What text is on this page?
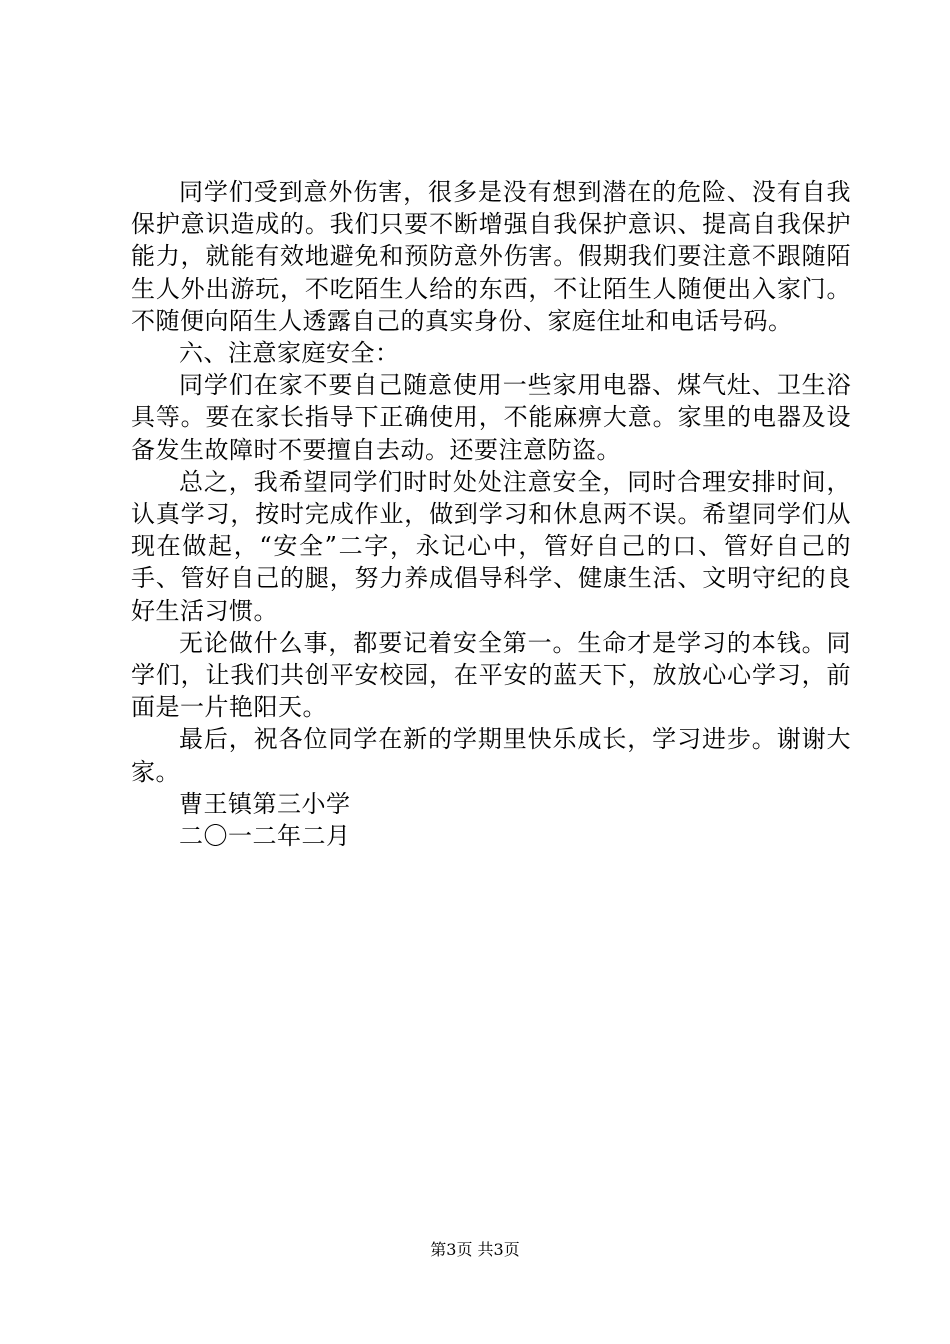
同学们受到意外伤害，很多是没有想到潜在的危险、没有自我保护意识造成的。我们只要不断增强自我保护意识、提高自我保护能力，就能有效地避免和预防意外伤害。假期我们要注意不跟随陌生人外出游玩，不吃陌生人给的东西，不让陌生人随便出入家门。不随便向陌生人透露自己的真实身份、家庭住址和电话号码。

六、注意家庭安全：

同学们在家不要自己随意使用一些家用电器、煤气灶、卫生浴具等。要在家长指导下正确使用，不能麻痹大意。家里的电器及设备发生故障时不要擅自去动。还要注意防盗。

总之，我希望同学们时时处处注意安全，同时合理安排时间，认真学习，按时完成作业，做到学习和休息两不误。希望同学们从现在做起，“安全”二字，永记心中，管好自己的口、管好自己的手、管好自己的腿，努力养成倡导科学、健康生活、文明守纪的良好生活习惯。

无论做什么事，都要记着安全第一。生命才是学习的本钱。同学们，让我们共创平安校园，在平安的蓝天下，放放心心学习，前面是一片艳阳天。

最后，祝各位同学在新的学期里快乐成长，学习进步。谢谢大家。

曹王镇第三小学

二〇一二年二月

第3页 共3页
